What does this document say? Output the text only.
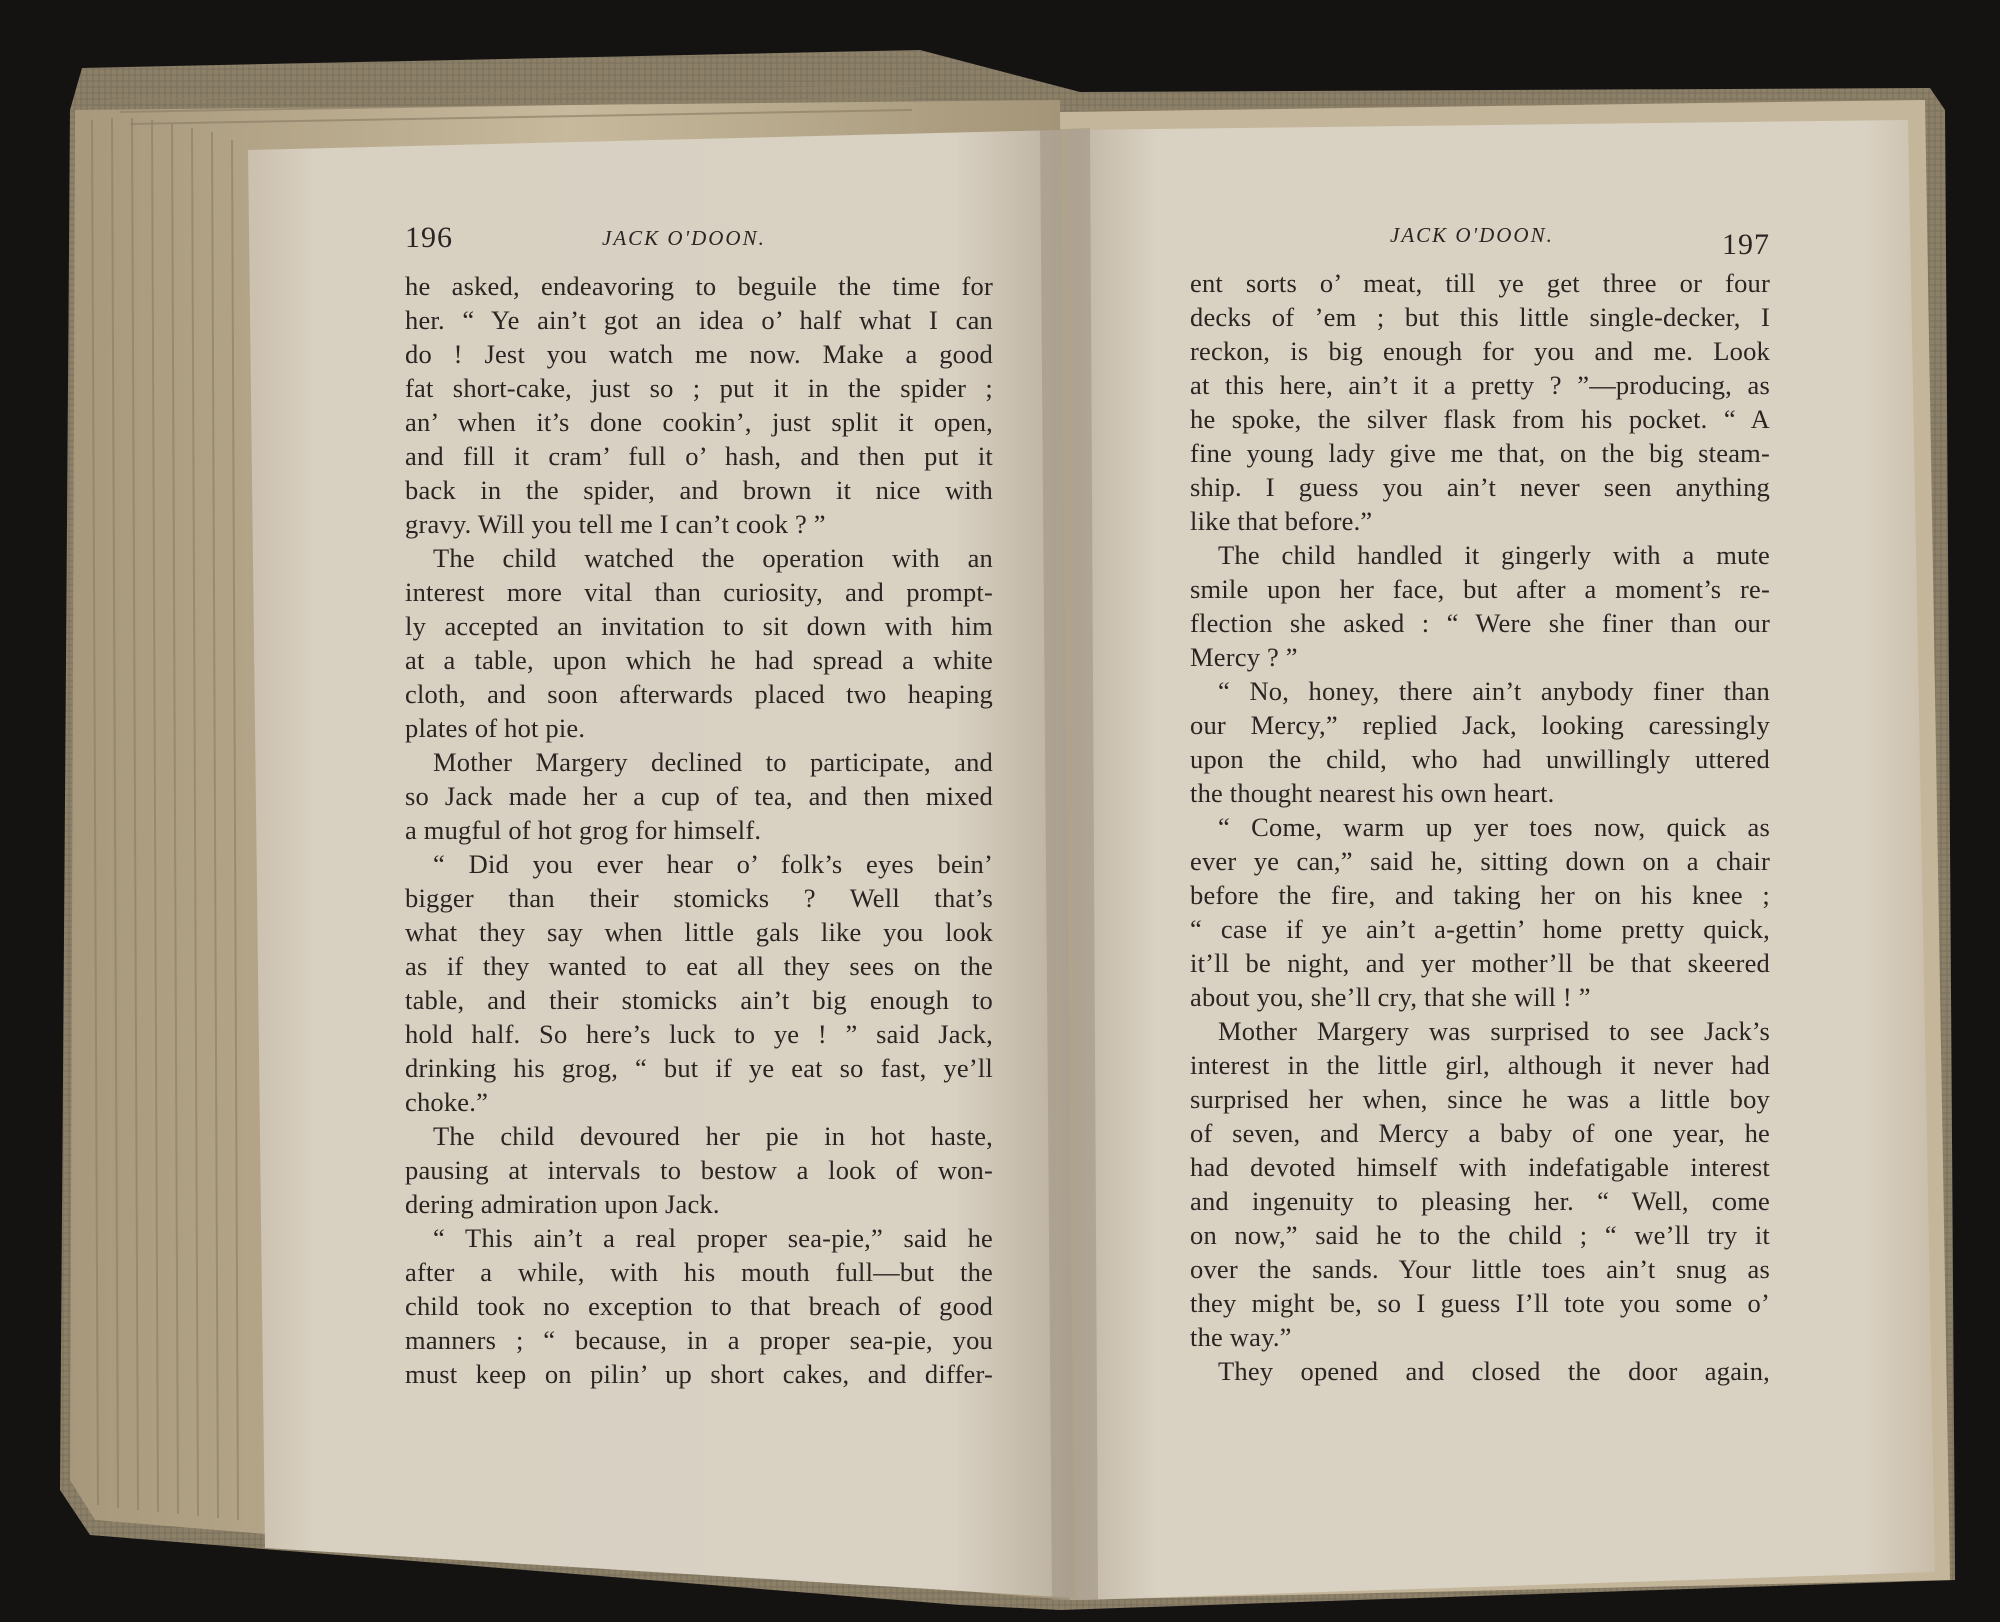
196	JACK O'DOON.
he asked, endeavoring to beguile the time for
her. “ Ye ain’t got an idea o’ half what I can
do ! Jest you watch me now. Make a good
fat short-cake, just so ; put it in the spider ;
an’ when it’s done cookin’, just split it open,
and fill it cram’ full o’ hash, and then put it
back in the spider, and brown it nice with
gravy. Will you tell me I can’t cook ? ”
The child watched the operation with an
interest more vital than curiosity, and prompt-
ly accepted an invitation to sit down with him
at a table, upon which he had spread a white
cloth, and soon afterwards placed two heaping
plates of hot pie.
Mother Margery declined to participate, and
so Jack made her a cup of tea, and then mixed
a mugful of hot grog for himself.
“ Did you ever hear o’ folk’s eyes bein’
bigger than their stomicks ? Well that’s
what they say when little gals like you look
as if they wanted to eat all they sees on the
table, and their stomicks ain’t big enough to
hold half. So here’s luck to ye ! ” said Jack,
drinking his grog, “ but if ye eat so fast, ye’ll
choke.”
The child devoured her pie in hot haste,
pausing at intervals to bestow a look of won-
dering admiration upon Jack.
“ This ain’t a real proper sea-pie,” said he
after a while, with his mouth full—but the
child took no exception to that breach of good
manners ; “ because, in a proper sea-pie, you
must keep on pilin’ up short cakes, and differ-
JACK O'DOON.	197
ent sorts o’ meat, till ye get three or four
decks of ’em ; but this little single-decker, I
reckon, is big enough for you and me. Look
at this here, ain’t it a pretty ? ”—producing, as
he spoke, the silver flask from his pocket. “ A
fine young lady give me that, on the big steam-
ship. I guess you ain’t never seen anything
like that before.”
The child handled it gingerly with a mute
smile upon her face, but after a moment’s re-
flection she asked : “ Were she finer than our
Mercy ? ”
“ No, honey, there ain’t anybody finer than
our Mercy,” replied Jack, looking caressingly
upon the child, who had unwillingly uttered
the thought nearest his own heart.
“ Come, warm up yer toes now, quick as
ever ye can,” said he, sitting down on a chair
before the fire, and taking her on his knee ;
“ case if ye ain’t a-gettin’ home pretty quick,
it’ll be night, and yer mother’ll be that skeered
about you, she’ll cry, that she will ! ”
Mother Margery was surprised to see Jack’s
interest in the little girl, although it never had
surprised her when, since he was a little boy
of seven, and Mercy a baby of one year, he
had devoted himself with indefatigable interest
and ingenuity to pleasing her. “ Well, come
on now,” said he to the child ; “ we’ll try it
over the sands. Your little toes ain’t snug as
they might be, so I guess I’ll tote you some o’
the way.”
They opened and closed the door again,
